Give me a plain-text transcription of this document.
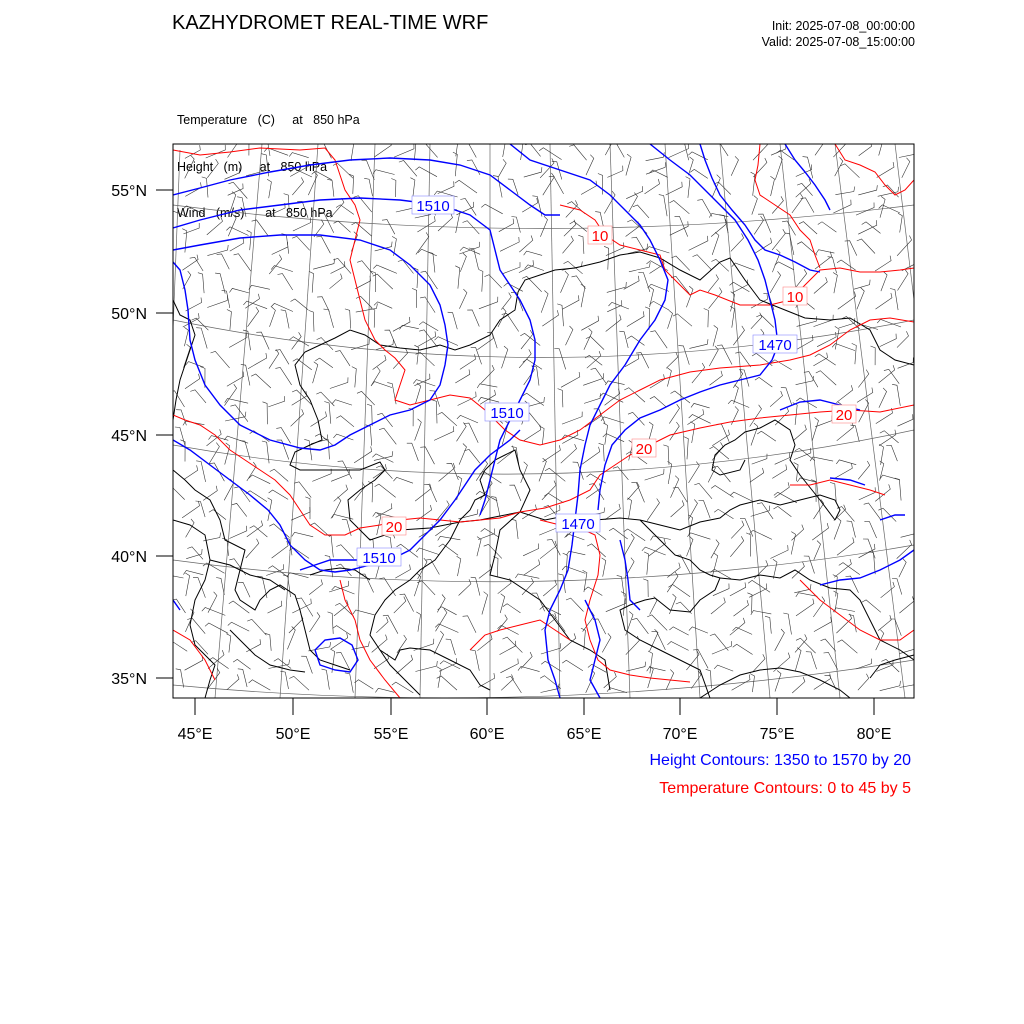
KAZHYDROMET REAL-TIME WRF	Init: 2025-07-08_00:00:00
Valid: 2025-07-08_15:00:00

Temperature   (C)     at   850 hPa

Height   (m)     at   850 hPa

Wind   (m/s)      at   850 hPa

55°N
50°N
45°N
40°N
35°N
45°E	50°E	55°E	60°E	65°E	70°E	75°E	80°E
1510
1510
1510
1470
1470
10
10
20
20
20
Height Contours: 1350 to 1570 by 20
Temperature Contours: 0 to 45 by 5
